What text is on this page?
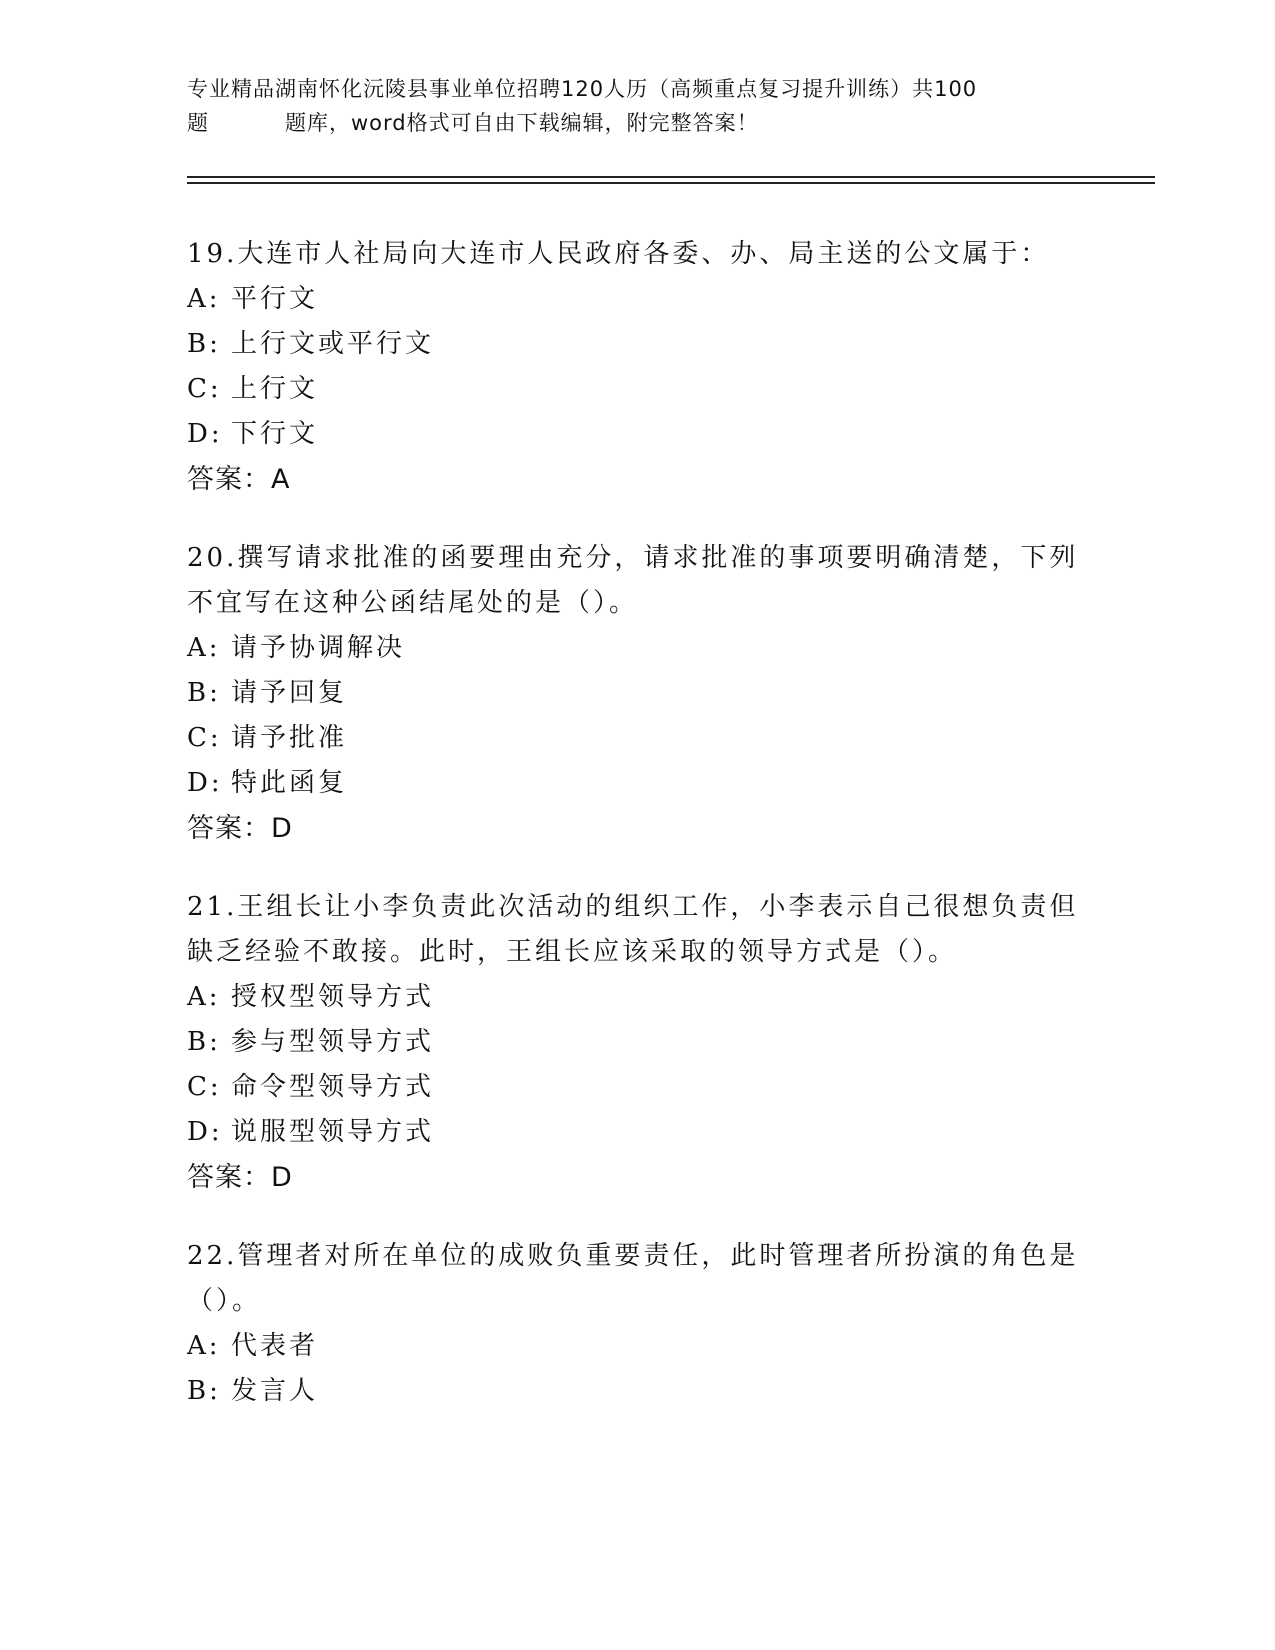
专业精品湖南怀化沅陵县事业单位招聘120人历（高频重点复习提升训练）共100
题	题库，word格式可自由下载编辑，附完整答案！
19.大连市人社局向大连市人民政府各委、办、局主送的公文属于：
A: 平行文
B: 上行文或平行文
C: 上行文
D: 下行文
答案：A
20.撰写请求批准的函要理由充分，请求批准的事项要明确清楚，下列不宜写在这种公函结尾处的是（）。
A: 请予协调解决
B: 请予回复
C: 请予批准
D: 特此函复
答案：D
21.王组长让小李负责此次活动的组织工作，小李表示自己很想负责但缺乏经验不敢接。此时，王组长应该采取的领导方式是（）。
A: 授权型领导方式
B: 参与型领导方式
C: 命令型领导方式
D: 说服型领导方式
答案：D
22.管理者对所在单位的成败负重要责任，此时管理者所扮演的角色是（）。
A: 代表者
B: 发言人
